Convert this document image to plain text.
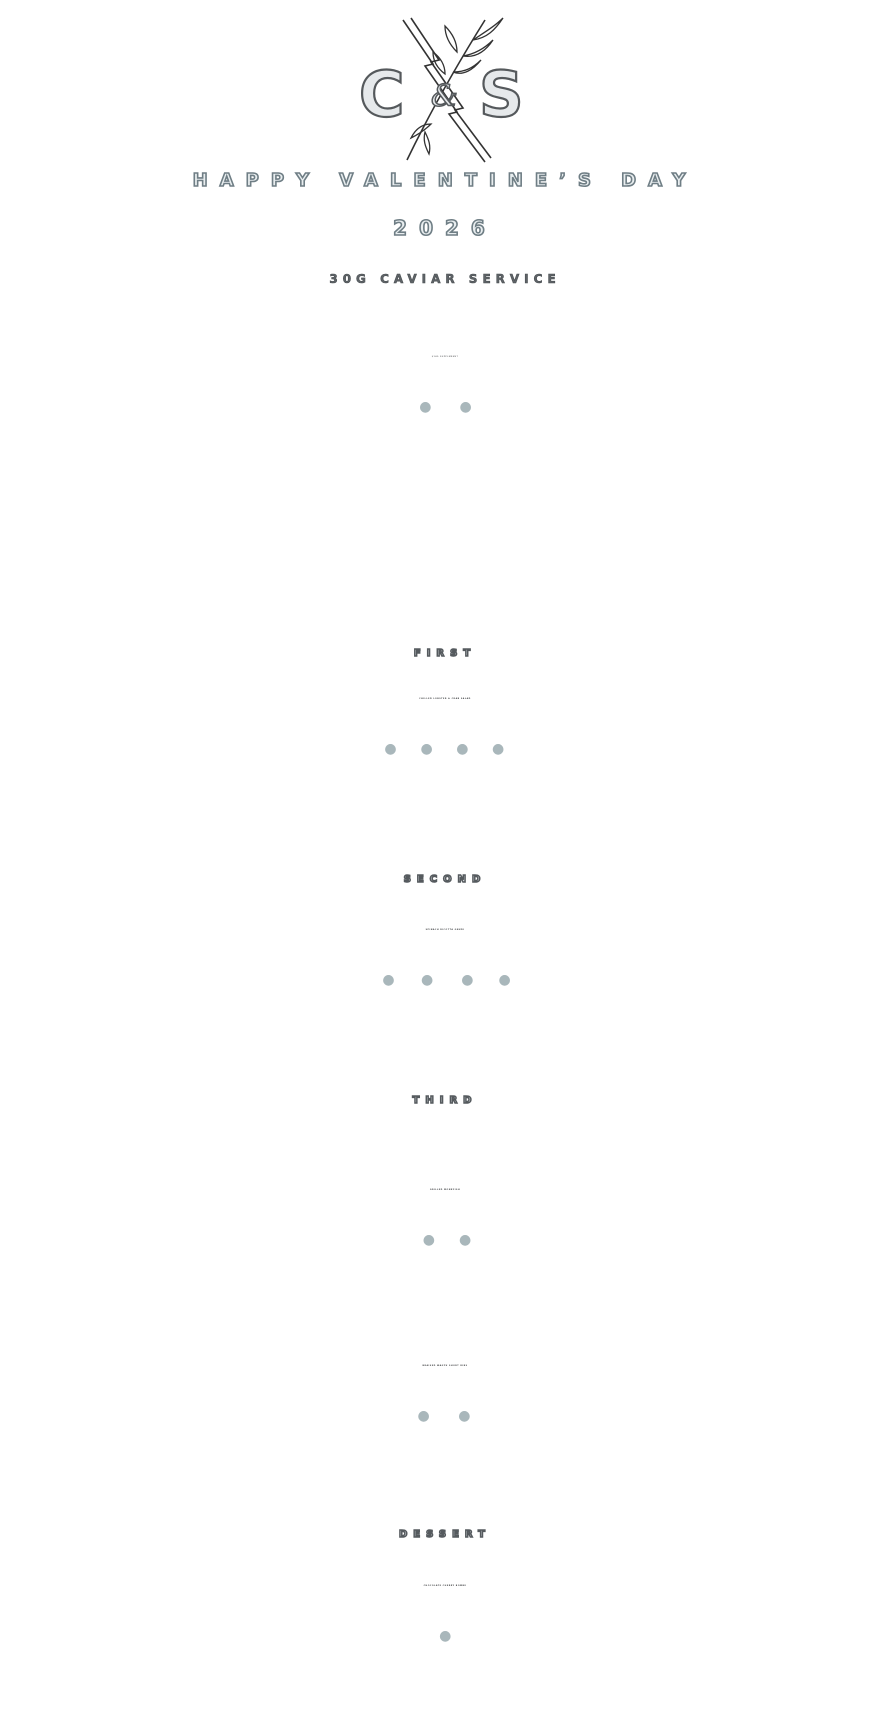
C S
&
HAPPY VALENTINE’S DAY
2026
30G CAVIAR SERVICE
$145 SUPPLEMENT
● ●
FIRST
CHILLED LOBSTER & CRAB SALAD
● ● ● ●
SECOND
SPINACH RICOTTA GNUDI
● ● ● ●
THIRD
GRILLED MONKFISH
● ●
BRAISED WAGYU SHORT RIBS
● ●
DESSERT
CHOCOLATE CHERRY BOMBE
●
